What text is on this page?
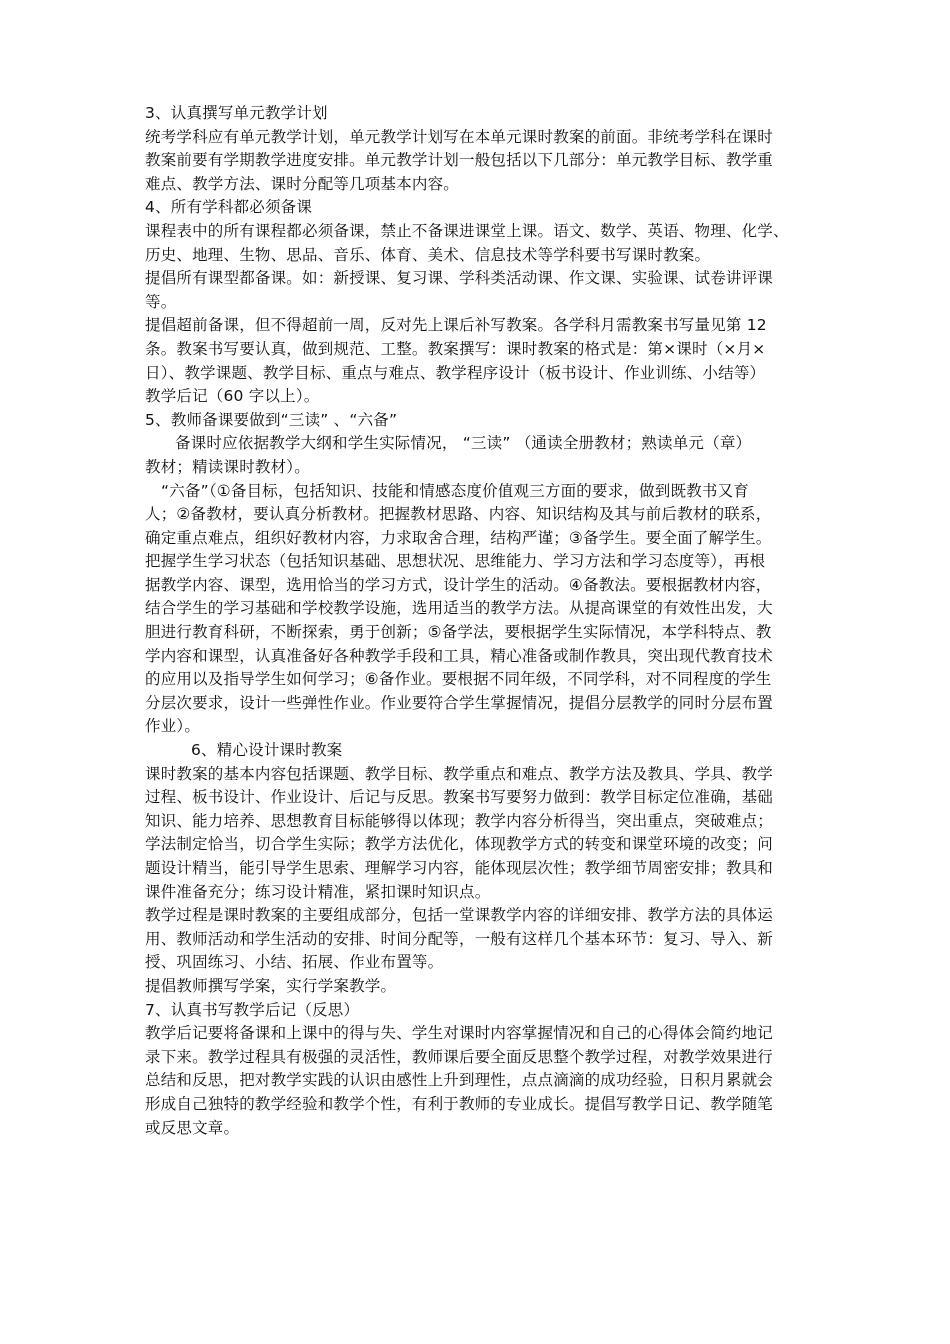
3、认真撰写单元教学计划
统考学科应有单元教学计划，单元教学计划写在本单元课时教案的前面。非统考学科在课时
教案前要有学期教学进度安排。单元教学计划一般包括以下几部分：单元教学目标、教学重
难点、教学方法、课时分配等几项基本内容。
4、所有学科都必须备课
课程表中的所有课程都必须备课，禁止不备课进课堂上课。语文、数学、英语、物理、化学、
历史、地理、生物、思品、音乐、体育、美术、信息技术等学科要书写课时教案。
提倡所有课型都备课。如：新授课、复习课、学科类活动课、作文课、实验课、试卷讲评课
等。
提倡超前备课，但不得超前一周，反对先上课后补写教案。各学科月需教案书写量见第 12
条。教案书写要认真，做到规范、工整。教案撰写：课时教案的格式是：第×课时（×月×
日）、教学课题、教学目标、重点与难点、教学程序设计（板书设计、作业训练、小结等）
教学后记（60 字以上）。
5、教师备课要做到“三读” 、“六备”
备课时应依据教学大纲和学生实际情况， “三读” （通读全册教材；熟读单元（章）
教材；精读课时教材）。
“六备”（①备目标，包括知识、技能和情感态度价值观三方面的要求，做到既教书又育
人；②备教材，要认真分析教材。把握教材思路、内容、知识结构及其与前后教材的联系，
确定重点难点，组织好教材内容，力求取舍合理，结构严谨；③备学生。要全面了解学生。
把握学生学习状态（包括知识基础、思想状况、思维能力、学习方法和学习态度等），再根
据教学内容、课型，选用恰当的学习方式，设计学生的活动。④备教法。要根据教材内容，
结合学生的学习基础和学校教学设施，选用适当的教学方法。从提高课堂的有效性出发，大
胆进行教育科研，不断探索，勇于创新；⑤备学法，要根据学生实际情况，本学科特点、教
学内容和课型，认真准备好各种教学手段和工具，精心准备或制作教具，突出现代教育技术
的应用以及指导学生如何学习；⑥备作业。要根据不同年级，不同学科，对不同程度的学生
分层次要求，设计一些弹性作业。作业要符合学生掌握情况，提倡分层教学的同时分层布置
作业）。
6、精心设计课时教案
课时教案的基本内容包括课题、教学目标、教学重点和难点、教学方法及教具、学具、教学
过程、板书设计、作业设计、后记与反思。教案书写要努力做到：教学目标定位准确，基础
知识、能力培养、思想教育目标能够得以体现；教学内容分析得当，突出重点，突破难点；
学法制定恰当，切合学生实际；教学方法优化，体现教学方式的转变和课堂环境的改变；问
题设计精当，能引导学生思索、理解学习内容，能体现层次性；教学细节周密安排；教具和
课件准备充分；练习设计精准，紧扣课时知识点。
教学过程是课时教案的主要组成部分，包括一堂课教学内容的详细安排、教学方法的具体运
用、教师活动和学生活动的安排、时间分配等，一般有这样几个基本环节：复习、导入、新
授、巩固练习、小结、拓展、作业布置等。
提倡教师撰写学案，实行学案教学。
7、认真书写教学后记（反思）
教学后记要将备课和上课中的得与失、学生对课时内容掌握情况和自己的心得体会简约地记
录下来。教学过程具有极强的灵活性，教师课后要全面反思整个教学过程，对教学效果进行
总结和反思，把对教学实践的认识由感性上升到理性，点点滴滴的成功经验，日积月累就会
形成自己独特的教学经验和教学个性，有利于教师的专业成长。提倡写教学日记、教学随笔
或反思文章。
